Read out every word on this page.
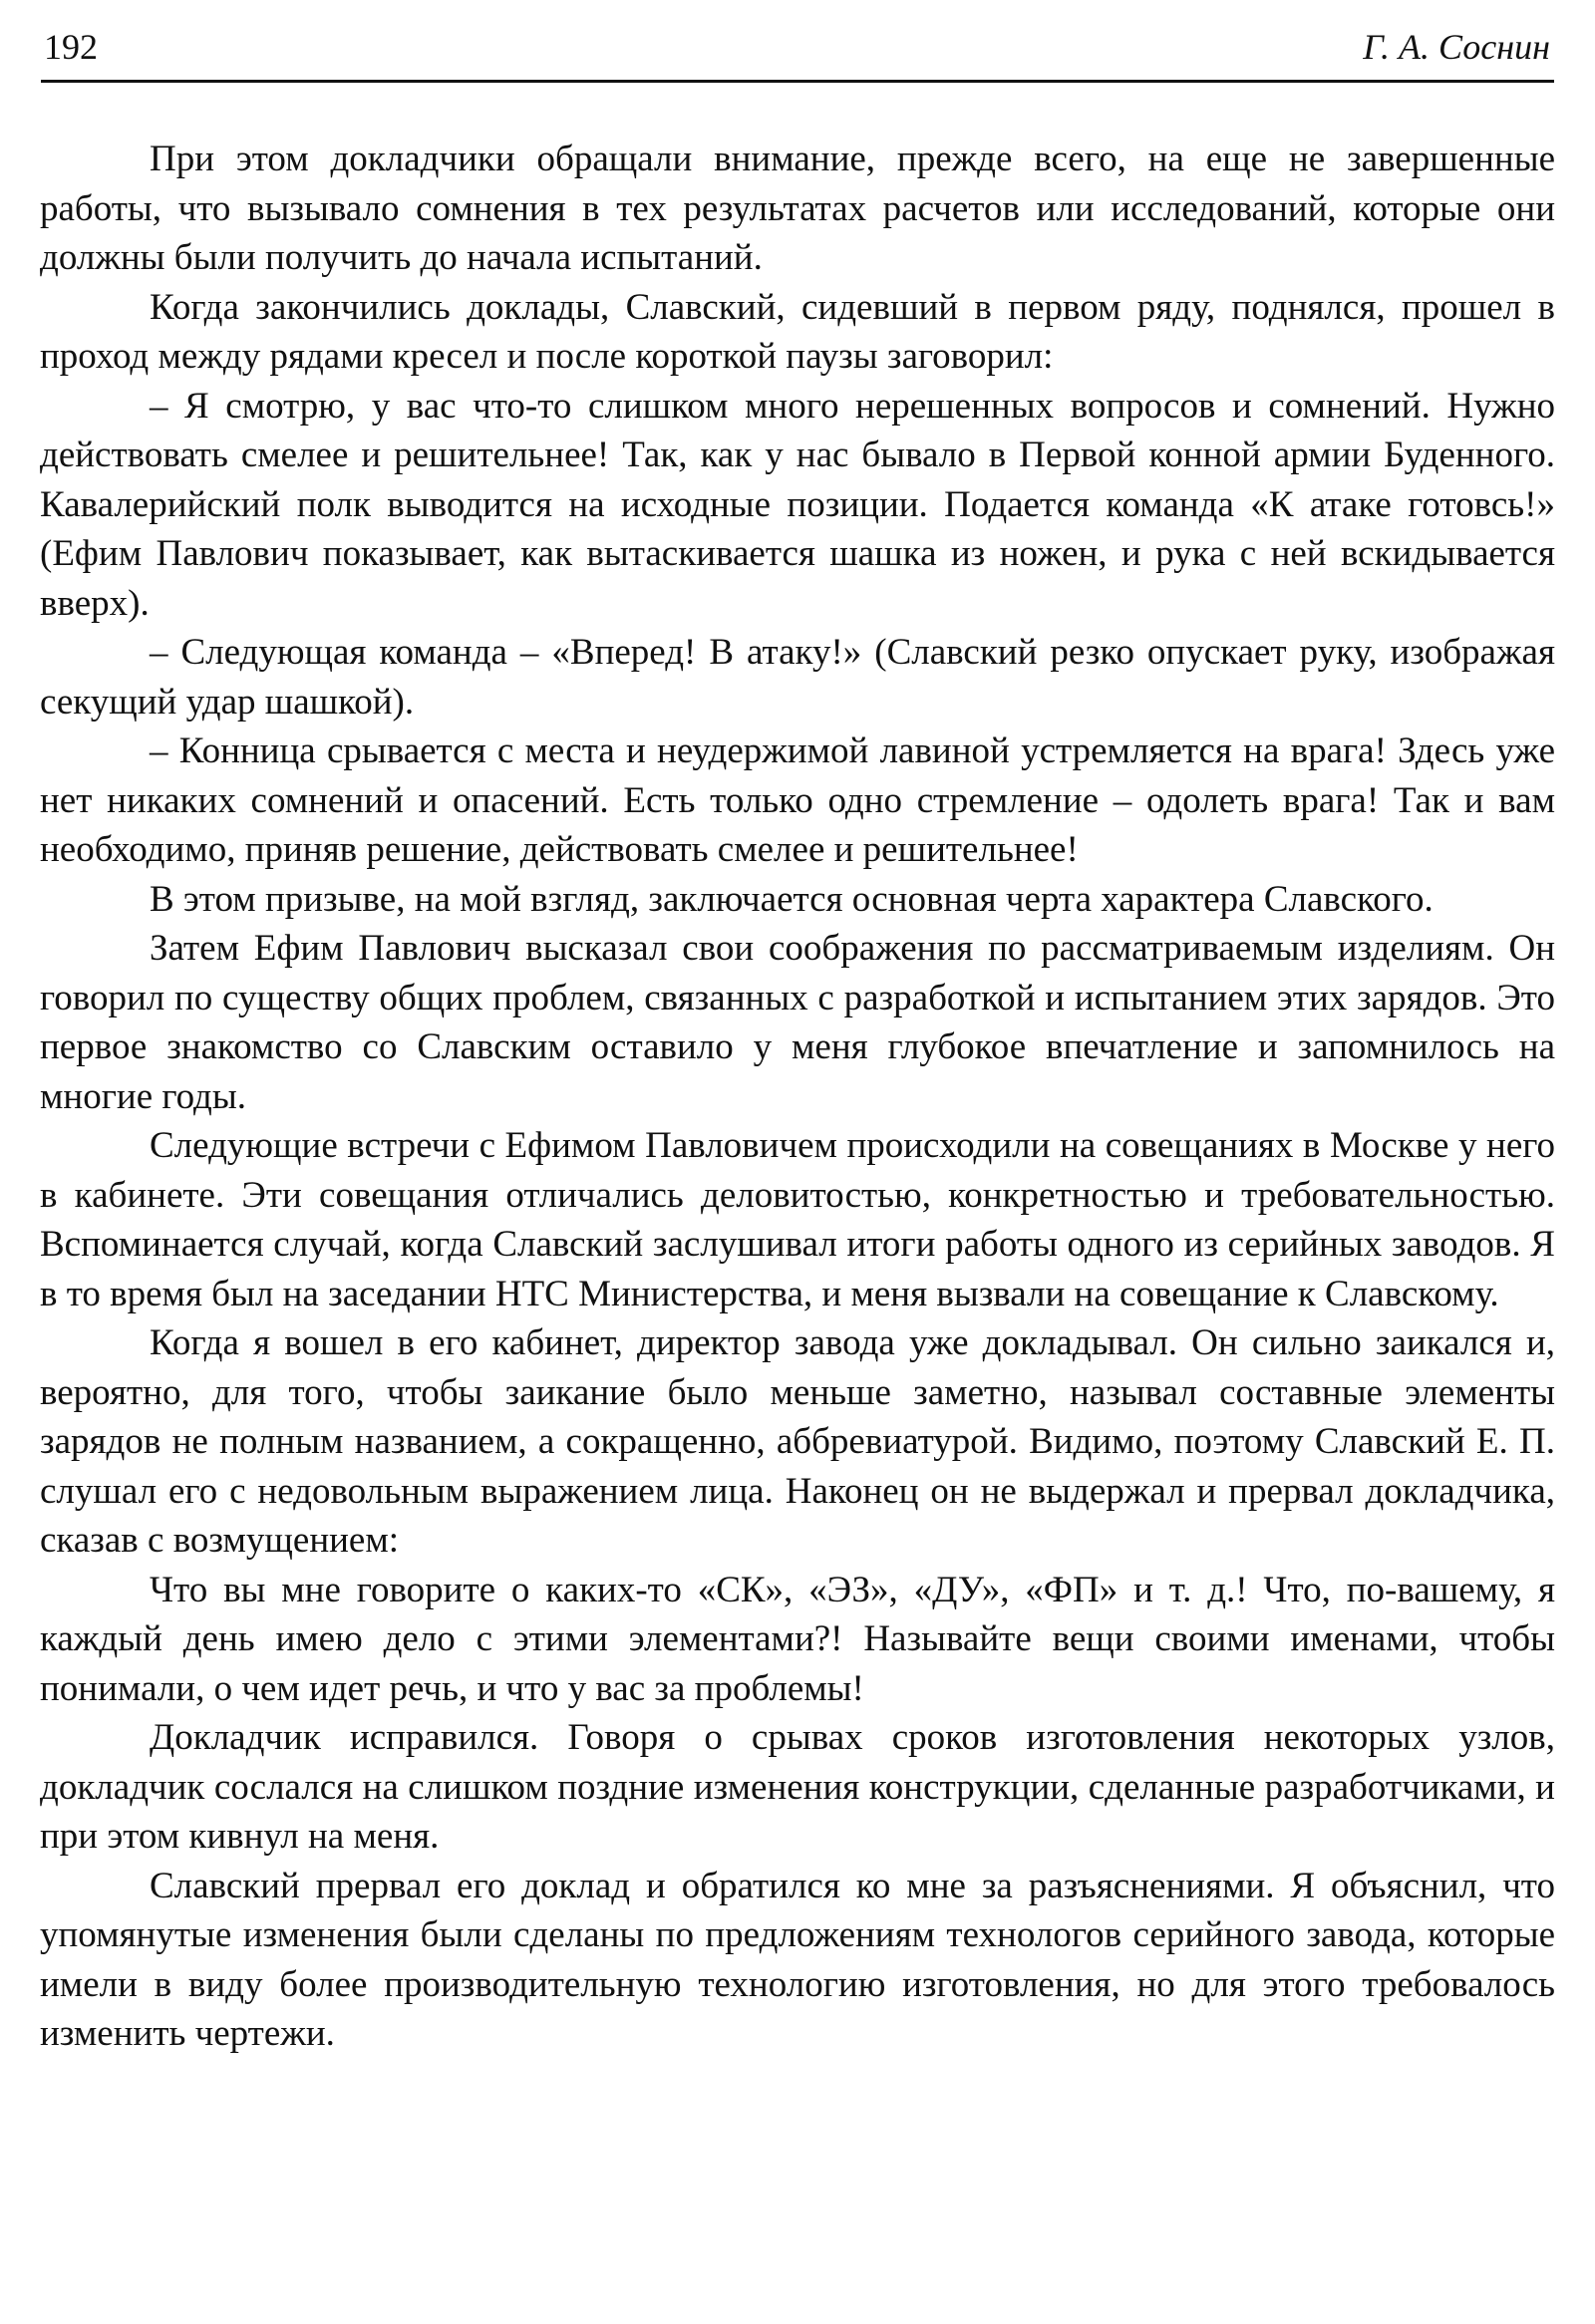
192	Г. А. Соснин

При этом докладчики обращали внимание, прежде всего, на еще не завершенные работы, что вызывало сомнения в тех результатах расчетов или исследований, которые они должны были получить до начала испытаний.

Когда закончились доклады, Славский, сидевший в первом ряду, поднялся, прошел в проход между рядами кресел и после короткой паузы заговорил:

– Я смотрю, у вас что-то слишком много нерешенных вопросов и сомнений. Нужно действовать смелее и решительнее! Так, как у нас бывало в Первой конной армии Буденного. Кавалерийский полк выводится на исходные позиции. Подается команда «К атаке готовсь!» (Ефим Павлович показывает, как вытаскивается шашка из ножен, и рука с ней вскидывается вверх).

– Следующая команда – «Вперед! В атаку!» (Славский резко опускает руку, изображая секущий удар шашкой).

– Конница срывается с места и неудержимой лавиной устремляется на врага! Здесь уже нет никаких сомнений и опасений. Есть только одно стремление – одолеть врага! Так и вам необходимо, приняв решение, действовать смелее и решительнее!

В этом призыве, на мой взгляд, заключается основная черта характера Славского.

Затем Ефим Павлович высказал свои соображения по рассматриваемым изделиям. Он говорил по существу общих проблем, связанных с разработкой и испытанием этих зарядов. Это первое знакомство со Славским оставило у меня глубокое впечатление и запомнилось на многие годы.

Следующие встречи с Ефимом Павловичем происходили на совещаниях в Москве у него в кабинете. Эти совещания отличались деловитостью, конкретностью и требовательностью. Вспоминается случай, когда Славский заслушивал итоги работы одного из серийных заводов. Я в то время был на заседании НТС Министерства, и меня вызвали на совещание к Славскому.

Когда я вошел в его кабинет, директор завода уже докладывал. Он сильно заикался и, вероятно, для того, чтобы заикание было меньше заметно, называл составные элементы зарядов не полным названием, а сокращенно, аббревиатурой. Видимо, поэтому Славский Е. П. слушал его с недовольным выражением лица. Наконец он не выдержал и прервал докладчика, сказав с возмущением:

Что вы мне говорите о каких-то «СК», «ЭЗ», «ДУ», «ФП» и т. д.! Что, по-вашему, я каждый день имею дело с этими элементами?! Называйте вещи своими именами, чтобы понимали, о чем идет речь, и что у вас за проблемы!

Докладчик исправился. Говоря о срывах сроков изготовления некоторых узлов, докладчик сослался на слишком поздние изменения конструкции, сделанные разработчиками, и при этом кивнул на меня.

Славский прервал его доклад и обратился ко мне за разъяснениями. Я объяснил, что упомянутые изменения были сделаны по предложениям технологов серийного завода, которые имели в виду более производительную технологию изготовления, но для этого требовалось изменить чертежи.
